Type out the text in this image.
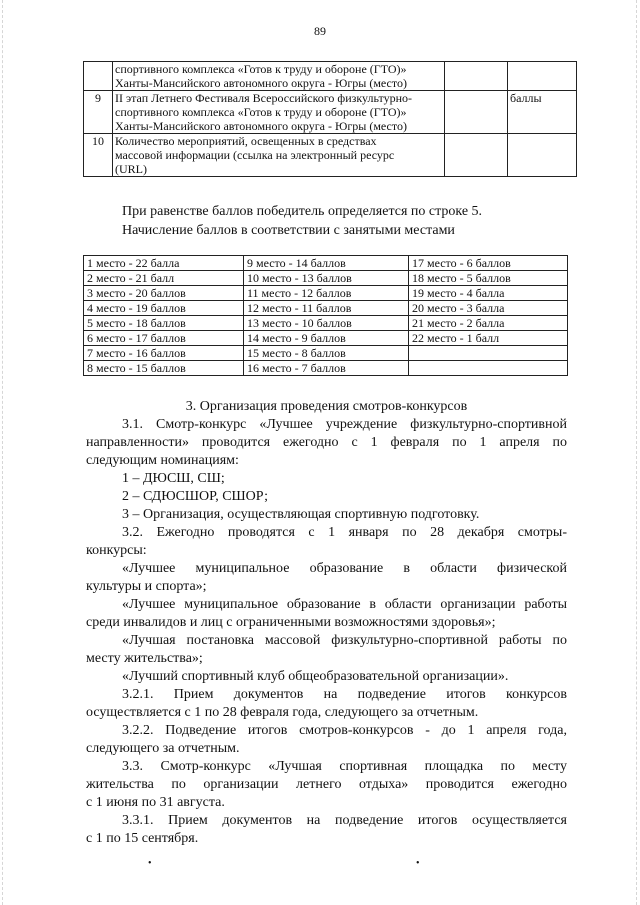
89

	спортивного комплекса «Готов к труду и обороне (ГТО)»
Ханты-Мансийского автономного округа - Югры (место)		

9	II этап Летнего Фестиваля Всероссийского физкультурно-
спортивного комплекса «Готов к труду и обороне (ГТО)»
Ханты-Мансийского автономного округа - Югры (место)		баллы
10	Количество мероприятий, освещенных в средствах
массовой информации (ссылка на электронный ресурс
(URL)		

При равенстве баллов победитель определяется по строке 5.
Начисление баллов в соответствии с занятыми местами
1 место - 22 балла	9 место - 14 баллов	17 место - 6 баллов
2 место - 21 балл	10 место - 13 баллов	18 место - 5 баллов
3 место - 20 баллов	11 место - 12 баллов	19 место - 4 балла
4 место - 19 баллов	12 место - 11 баллов	20 место - 3 балла
5 место - 18 баллов	13 место - 10 баллов	21 место - 2 балла
6 место - 17 баллов	14 место - 9 баллов	22 место - 1 балл
7 место - 16 баллов	15 место - 8 баллов	
8 место - 15 баллов	16 место - 7 баллов	

3. Организация проведения смотров-конкурсов

3.1. Смотр-конкурс «Лучшее учреждение физкультурно-спортивной

направленности» проводится ежегодно с 1 февраля по 1 апреля по

следующим номинациям:

1 – ДЮСШ, СШ;

2 – СДЮСШОР, СШОР;

3 – Организация, осуществляющая спортивную подготовку.

3.2. Ежегодно проводятся с 1 января по 28 декабря смотры-

конкурсы:

«Лучшее муниципальное образование в области физической

культуры и спорта»;

«Лучшее муниципальное образование в области организации работы

среди инвалидов и лиц с ограниченными возможностями здоровья»;

«Лучшая постановка массовой физкультурно-спортивной работы по

месту жительства»;

«Лучший спортивный клуб общеобразовательной организации».

3.2.1. Прием документов на подведение итогов конкурсов

осуществляется с 1 по 28 февраля года, следующего за отчетным.

3.2.2. Подведение итогов смотров-конкурсов - до 1 апреля года,

следующего за отчетным.

3.3. Смотр-конкурс «Лучшая спортивная площадка по месту

жительства по организации летнего отдыха» проводится ежегодно

с 1 июня по 31 августа.

3.3.1. Прием документов на подведение итогов осуществляется

с 1 по 15 сентября.

•	•
